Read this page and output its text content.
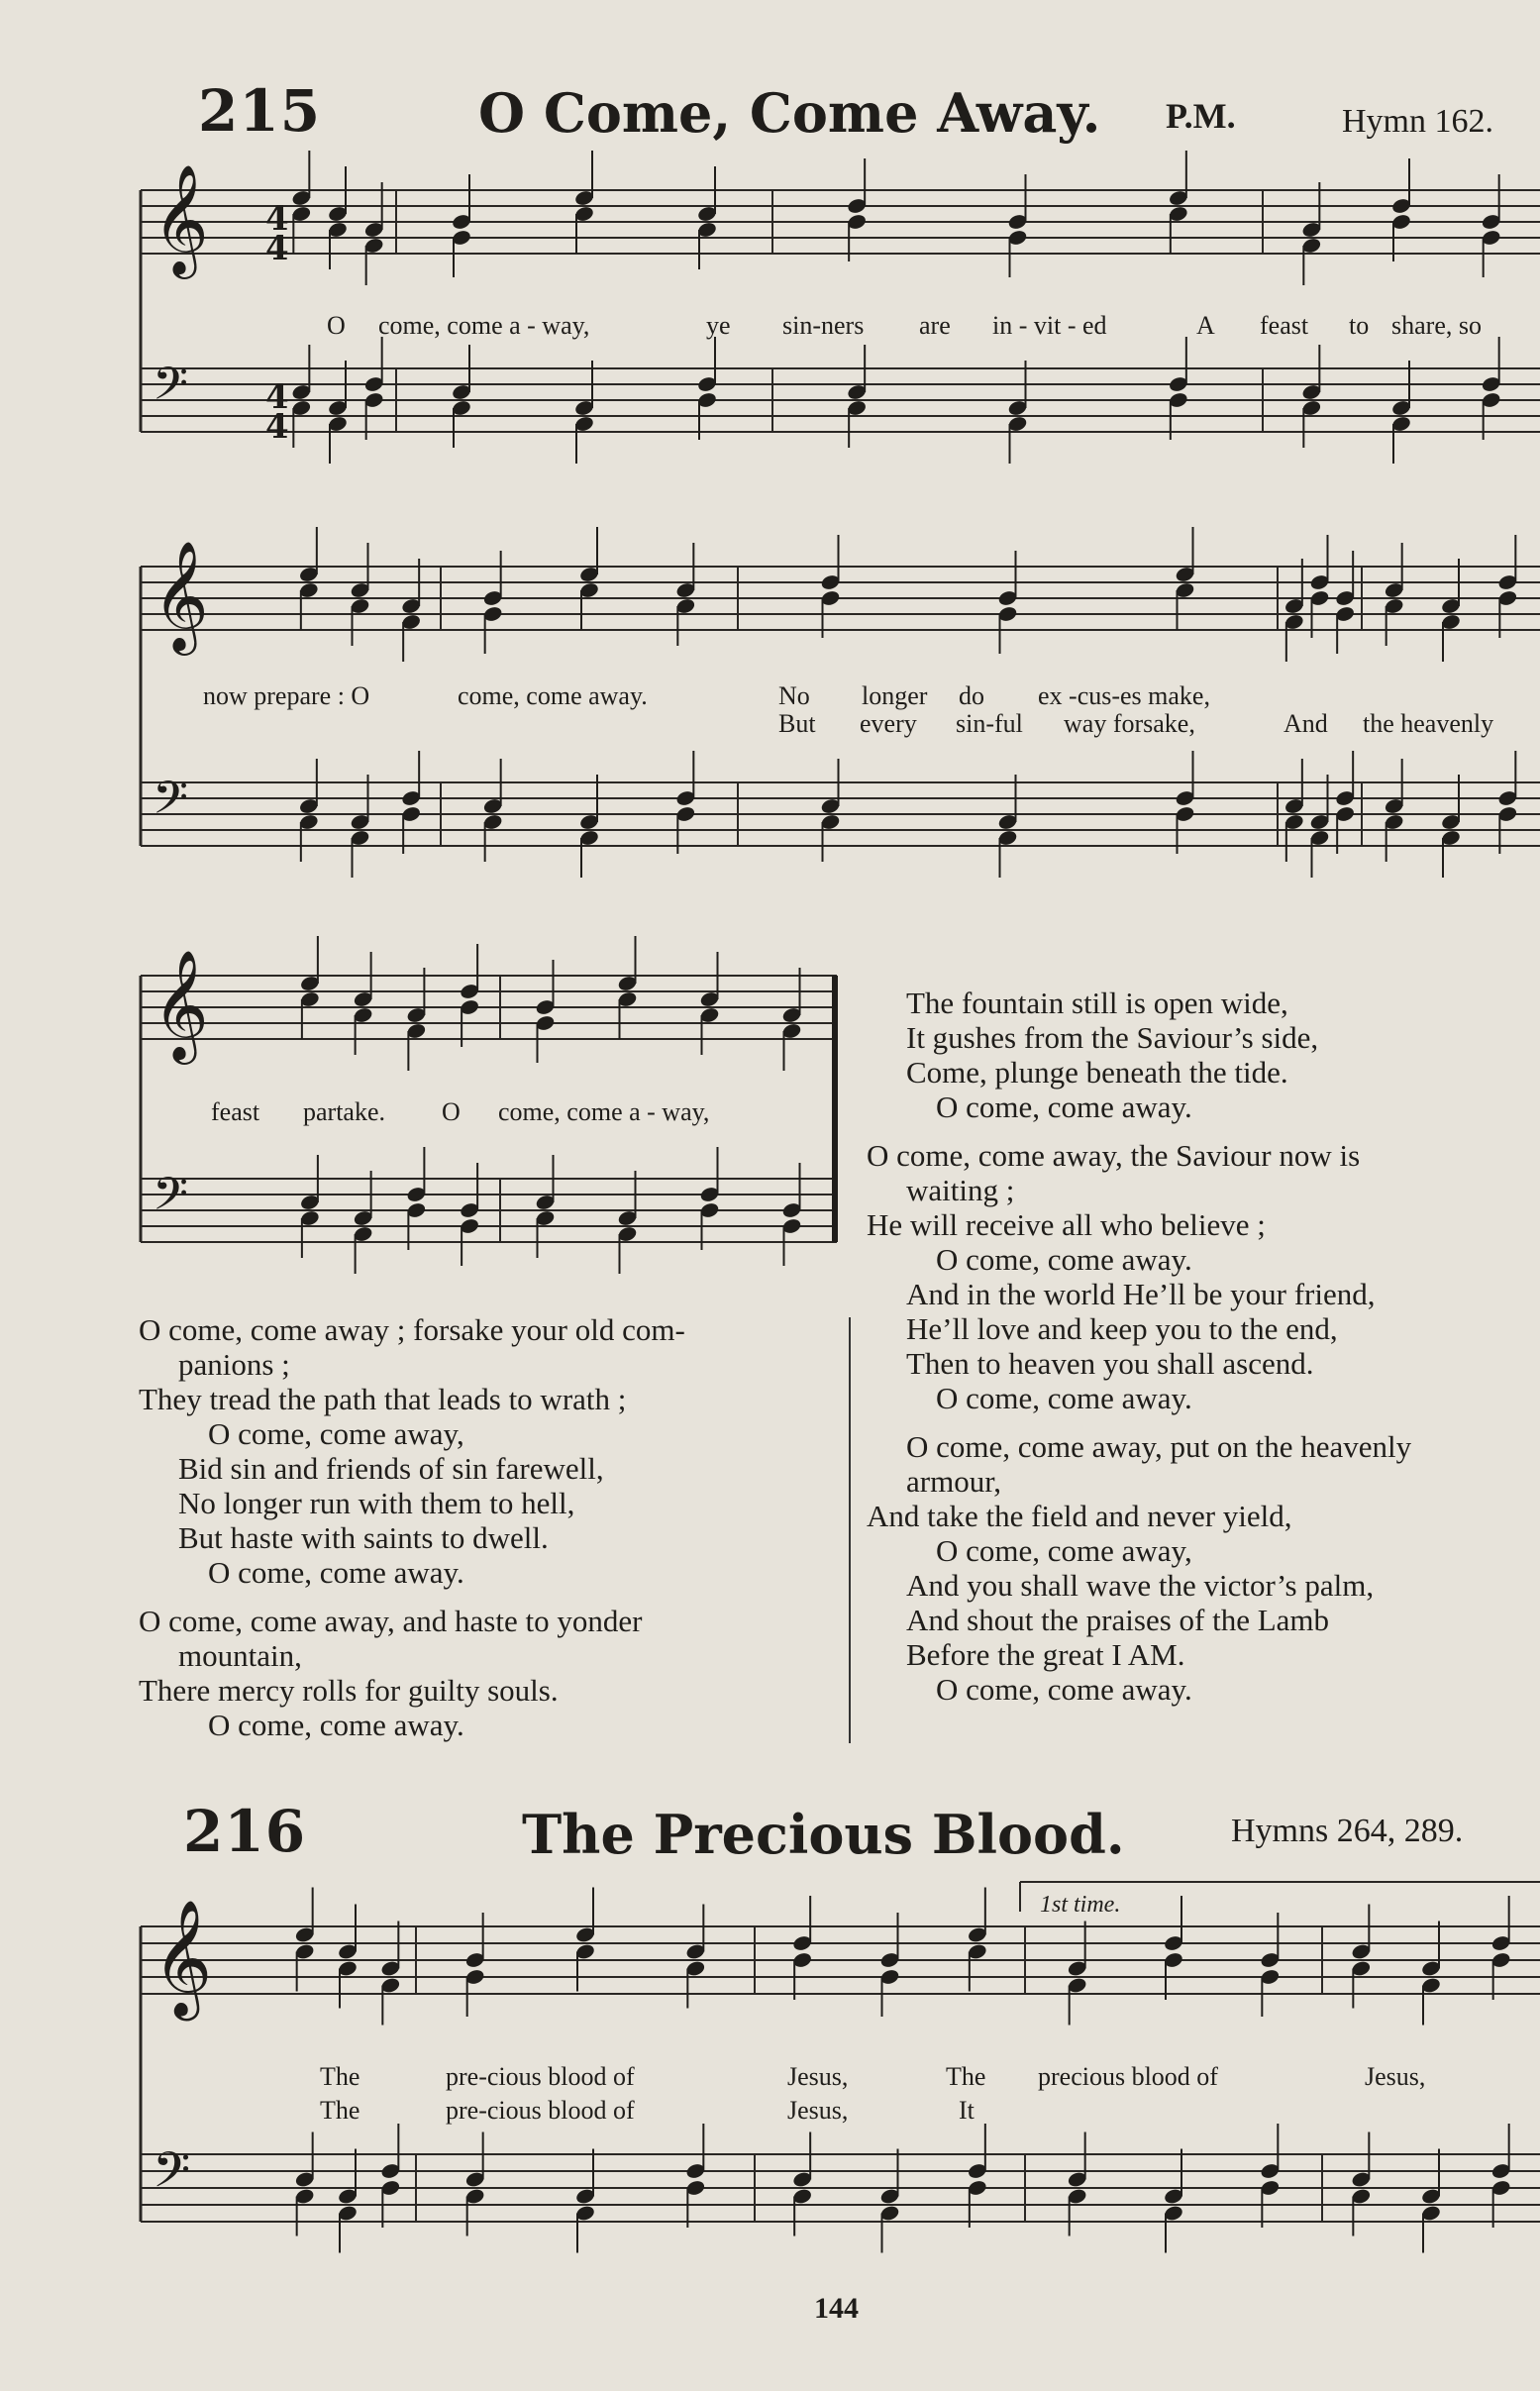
215	O Come, Come Away. P.M.	Hymn 162.
𝄞
𝄢
4
4
4
4
𝄞
𝄢
𝄞
𝄢
𝄞
𝄢
O come, come a - way,	ye sin-ners are in - vit - ed	A feast to share, so
now prepare : O	come, come away.	No longer do ex -cus-es make,
But every sin-ful way forsake,	And the heavenly
feast partake. O come, come a - way,
O come, come away ; forsake your old com-
panions ;
They tread the path that leads to wrath ;
O come, come away,
Bid sin and friends of sin farewell,
No longer run with them to hell,
But haste with saints to dwell.
O come, come away.
O come, come away, and haste to yonder
mountain,
There mercy rolls for guilty souls.
O come, come away.
The fountain still is open wide,
It gushes from the Saviour’s side,
Come, plunge beneath the tide.
O come, come away.
O come, come away, the Saviour now is
waiting ;
He will receive all who believe ;
O come, come away.
And in the world He’ll be your friend,
He’ll love and keep you to the end,
Then to heaven you shall ascend.
O come, come away.
O come, come away, put on the heavenly
armour,
And take the field and never yield,
O come, come away,
And you shall wave the victor’s palm,
And shout the praises of the Lamb
Before the great I AM.
O come, come away.
216	The Precious Blood.	Hymns 264, 289.
1st time.
The	pre-cious blood of	Jesus,	The precious blood of	Jesus,
The	pre-cious blood of	Jesus,	It
144
